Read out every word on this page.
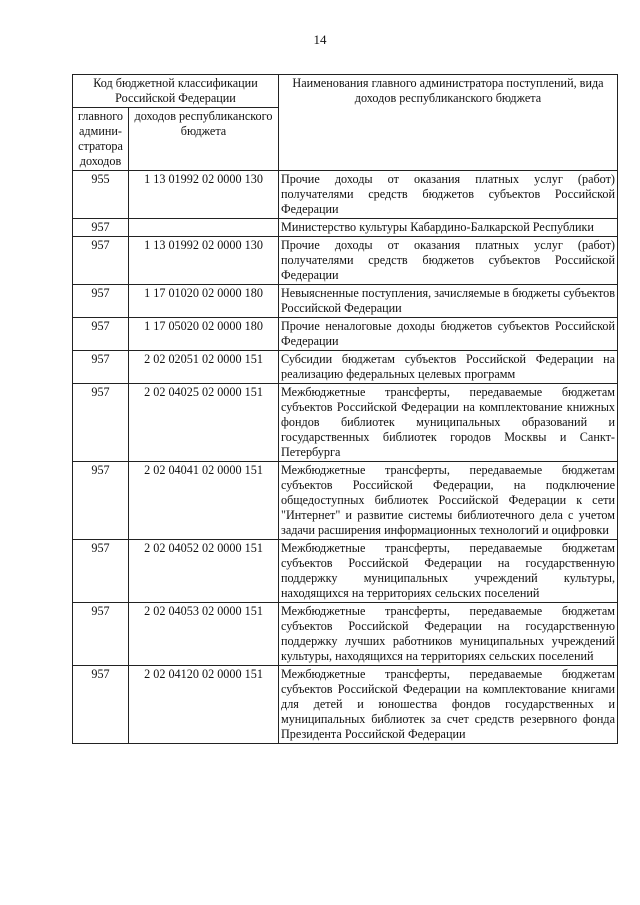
14
Код бюджетной классификации Российской Федерации		Наименования главного администратора поступлений, вида доходов республиканского бюджета
главного админи-стратора доходов	доходов республиканского бюджета	
955	1 13 01992 02 0000 130	Прочие доходы от оказания платных услуг (работ) получателями средств бюджетов субъектов Российской Федерации
957		Министерство культуры Кабардино-Балкарской Республики
957	1 13 01992 02 0000 130	Прочие доходы от оказания платных услуг (работ) получателями средств бюджетов субъектов Российской Федерации
957	1 17 01020 02 0000 180	Невыясненные поступления, зачисляемые в бюджеты субъектов Российской Федерации
957	1 17 05020 02 0000 180	Прочие неналоговые доходы бюджетов субъектов Российской Федерации
957	2 02 02051 02 0000 151	Субсидии бюджетам субъектов Российской Федерации на реализацию федеральных целевых программ
957	2 02 04025 02 0000 151	Межбюджетные трансферты, передаваемые бюджетам субъектов Российской Федерации на комплектование книжных фондов библиотек муниципальных образований и государственных библиотек городов Москвы и Санкт-Петербурга
957	2 02 04041 02 0000 151	Межбюджетные трансферты, передаваемые бюджетам субъектов Российской Федерации, на подключение общедоступных библиотек Российской Федерации к сети "Интернет" и развитие системы библиотечного дела с учетом задачи расширения информационных технологий и оцифровки
957	2 02 04052 02 0000 151	Межбюджетные трансферты, передаваемые бюджетам субъектов Российской Федерации на государственную поддержку муниципальных учреждений культуры, находящихся на территориях сельских поселений
957	2 02 04053 02 0000 151	Межбюджетные трансферты, передаваемые бюджетам субъектов Российской Федерации на государственную поддержку лучших работников муниципальных учреждений культуры, находящихся на территориях сельских поселений
957	2 02 04120 02 0000 151	Межбюджетные трансферты, передаваемые бюджетам субъектов Российской Федерации на комплектование книгами для детей и юношества фондов государственных и муниципальных библиотек за счет средств резервного фонда Президента Российской Федерации
